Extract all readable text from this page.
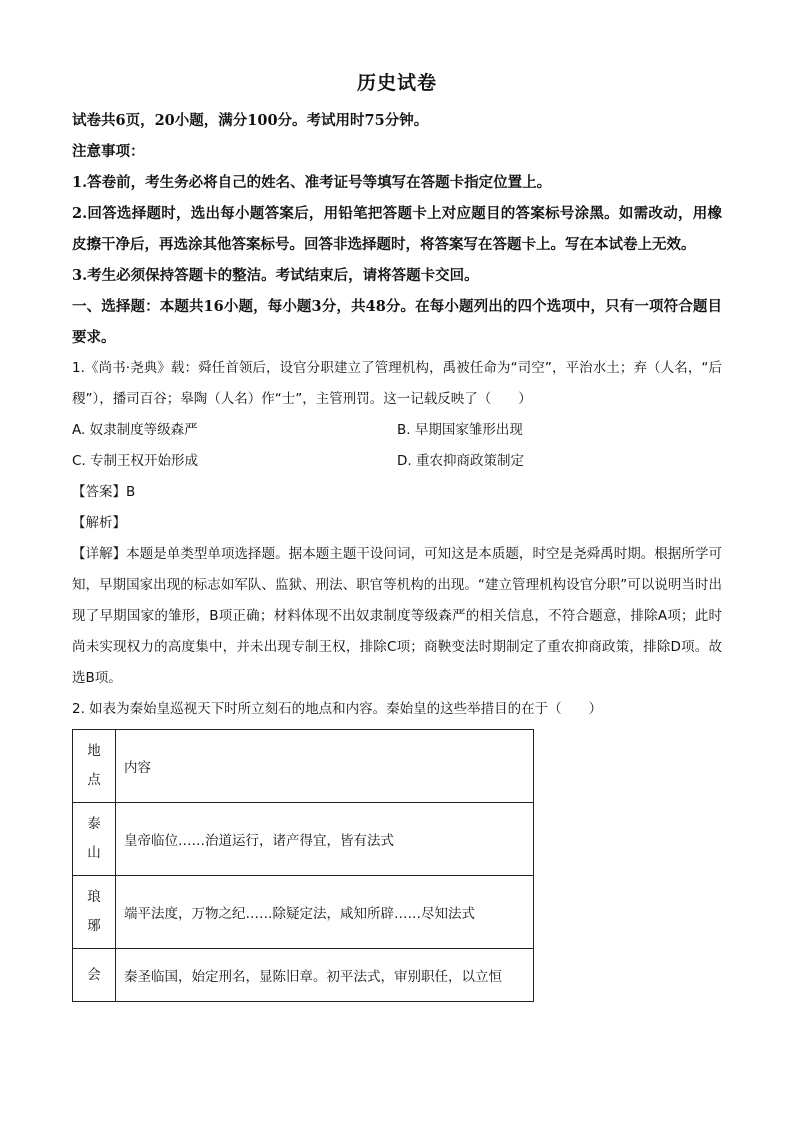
历史试卷

试卷共6页，20小题，满分100分。考试用时75分钟。

注意事项：

1.答卷前，考生务必将自己的姓名、准考证号等填写在答题卡指定位置上。

2.回答选择题时，选出每小题答案后，用铅笔把答题卡上对应题目的答案标号涂黑。如需改动，用橡皮擦干净后，再选涂其他答案标号。回答非选择题时，将答案写在答题卡上。写在本试卷上无效。

3.考生必须保持答题卡的整洁。考试结束后，请将答题卡交回。

一、选择题：本题共16小题，每小题3分，共48分。在每小题列出的四个选项中，只有一项符合题目要求。

1.《尚书·尧典》载：舜任首领后，设官分职建立了管理机构，禹被任命为“司空”，平治水土；弃（人名，“后稷”），播司百谷；皋陶（人名）作“士”，主管刑罚。这一记载反映了（　　）

A. 奴隶制度等级森严	B. 早期国家雏形出现
C. 专制王权开始形成	D. 重农抑商政策制定
【答案】B
【解析】

【详解】本题是单类型单项选择题。据本题主题干设问词，可知这是本质题，时空是尧舜禹时期。根据所学可知，早期国家出现的标志如军队、监狱、刑法、职官等机构的出现。“建立管理机构设官分职”可以说明当时出现了早期国家的雏形，B项正确；材料体现不出奴隶制度等级森严的相关信息，不符合题意，排除A项；此时尚未实现权力的高度集中，并未出现专制王权，排除C项；商鞅变法时期制定了重农抑商政策，排除D项。故选B项。

2. 如表为秦始皇巡视天下时所立刻石的地点和内容。秦始皇的这些举措目的在于（　　）

地
点	内容

泰
山	皇帝临位……治道运行，诸产得宜，皆有法式

琅
琊	端平法度，万物之纪……除疑定法，咸知所辟……尽知法式

会	秦圣临国，始定刑名，显陈旧章。初平法式，审别职任，以立恒
